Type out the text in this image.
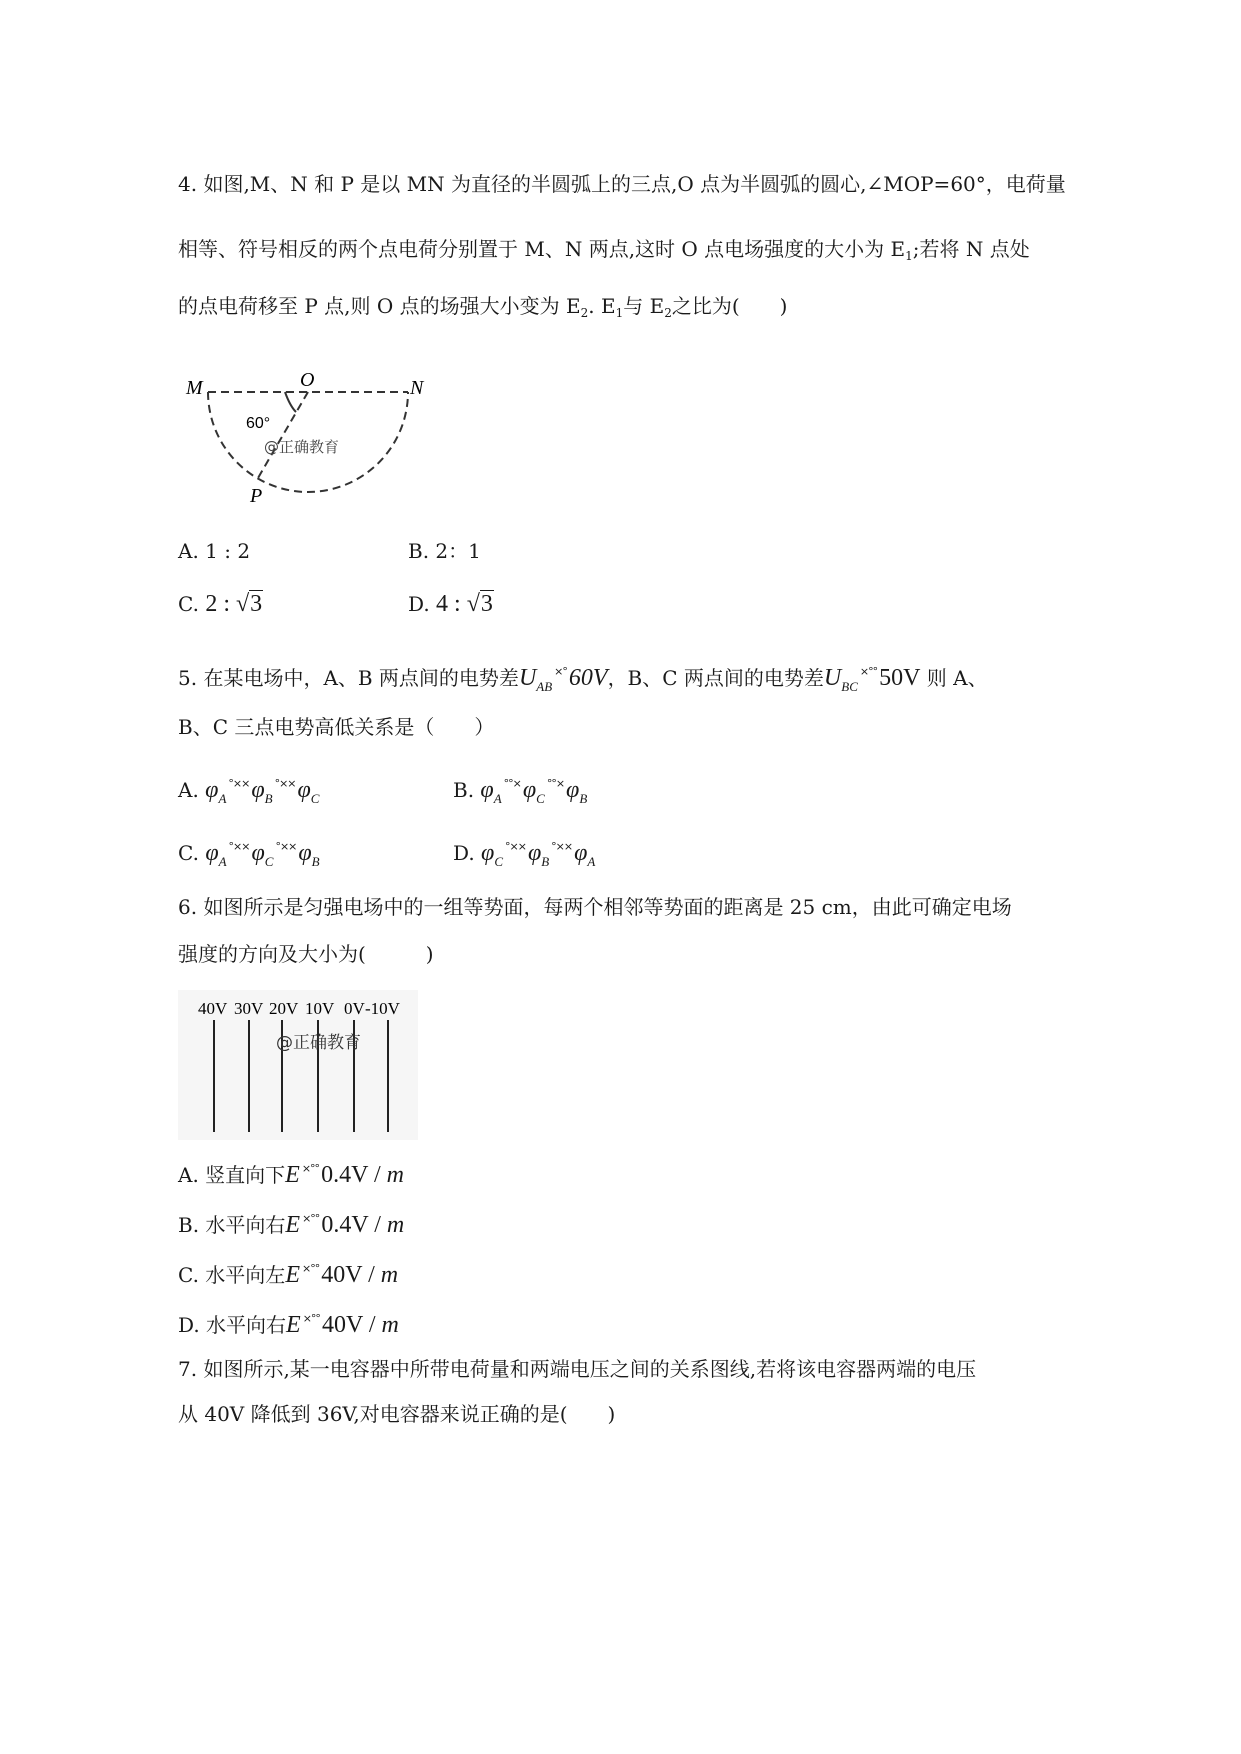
4. 如图,M、N 和 P 是以 MN 为直径的半圆弧上的三点,O 点为半圆弧的圆心,∠MOP=60°，电荷量
相等、符号相反的两个点电荷分别置于 M、N 两点,这时 O 点电场强度的大小为 $E_1$;若将 N 点处
的点电荷移至 P 点,则 O 点的场强大小变为 $E_2$. $E_1$与 $E_2$之比为(　　)
M	O	N
P
60°
@正确教育
A. 1 : 2	B. 2：1
C. 2 : √3	D. 4 : √3
5. 在某电场中，A、B 两点间的电势差$U_{AB}^{\times^\circ}60V$，B、C 两点间的电势差$U_{BC}^{\times^\circ^\circ}50V$ 则 A、
B、C 三点电势高低关系是（　　）
A. $\varphi_A^{^\circ\times\times}\varphi_B^{^\circ\times\times}\varphi_C$	B. $\varphi_A^{^\circ^\circ\times}\varphi_C^{^\circ^\circ\times}\varphi_B$
C. $\varphi_A^{^\circ\times\times}\varphi_C^{^\circ\times\times}\varphi_B$	D. $\varphi_C^{^\circ\times\times}\varphi_B^{^\circ\times\times}\varphi_A$
6. 如图所示是匀强电场中的一组等势面，每两个相邻等势面的距离是 25 cm，由此可确定电场
强度的方向及大小为(　　　)
40V 30V 20V 10V 0V -10V
@正确教育
A. 竖直向下E ×°°0.4V / m
B. 水平向右E ×°°0.4V / m
C. 水平向左E ×°°40V / m
D. 水平向右E ×°°40V / m
7. 如图所示,某一电容器中所带电荷量和两端电压之间的关系图线,若将该电容器两端的电压
从 40V 降低到 36V,对电容器来说正确的是(　　)
